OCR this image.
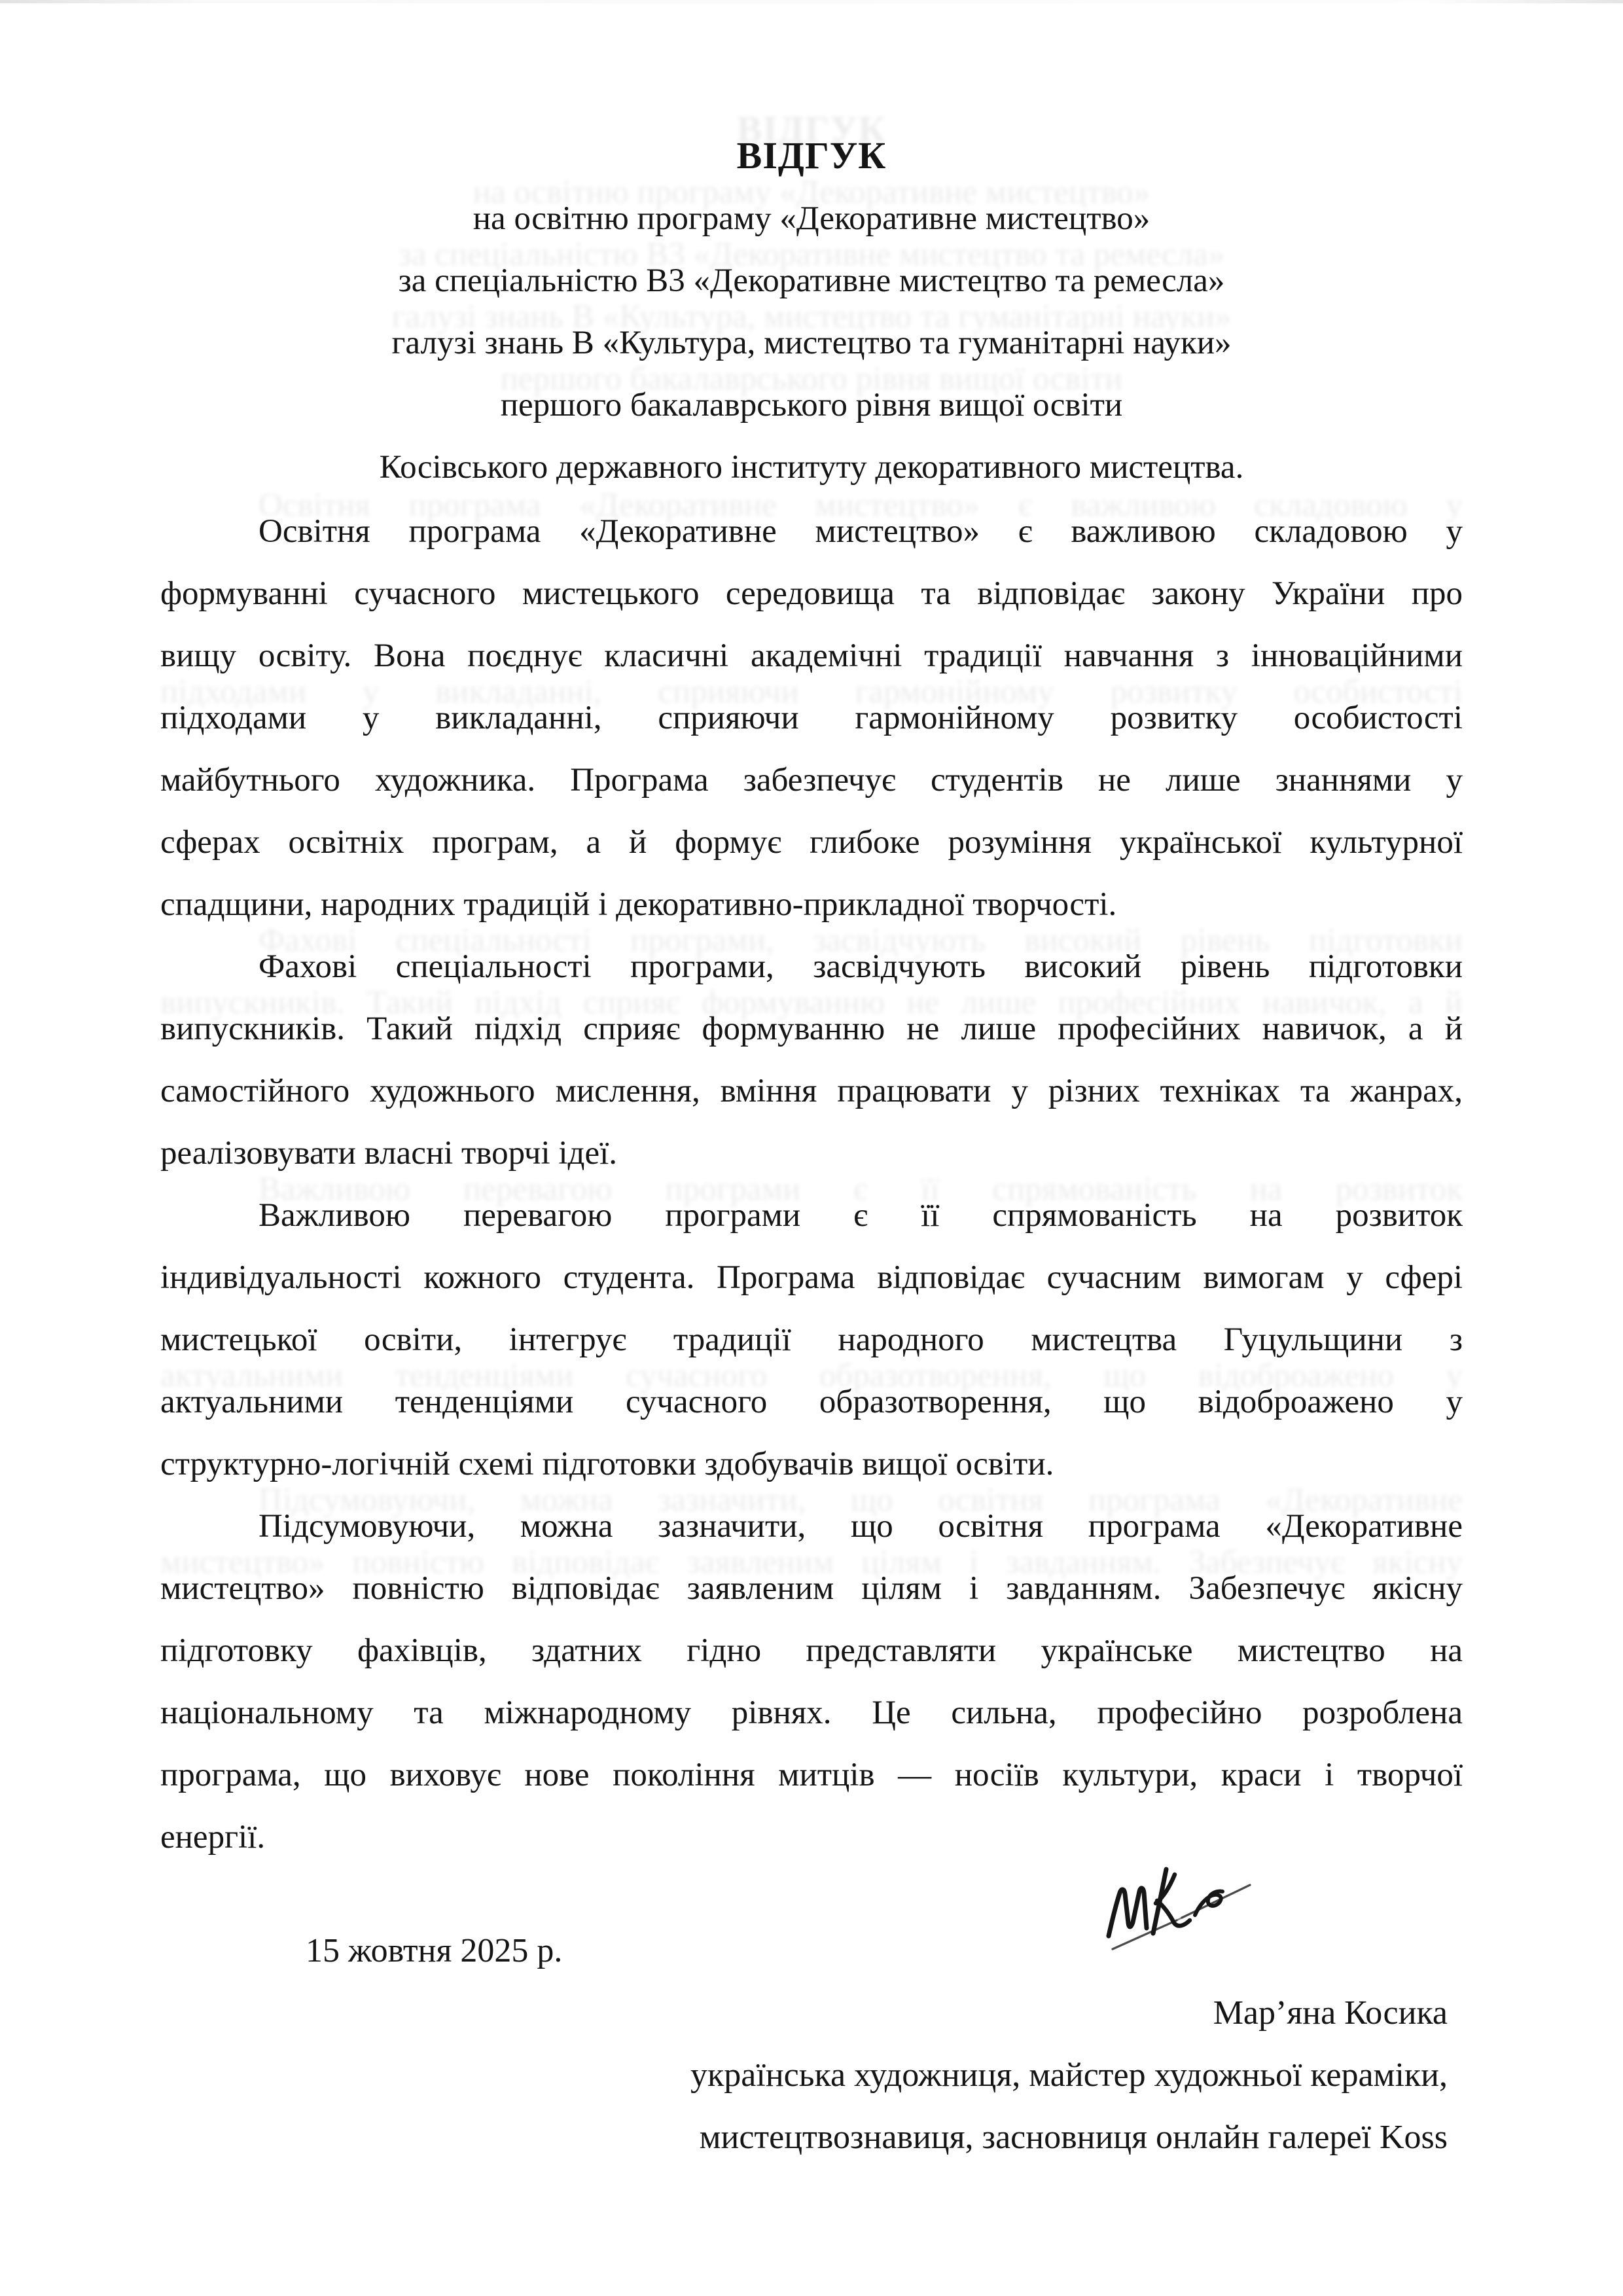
ВІДГУК
на освітню програму «Декоративне мистецтво»
за спеціальністю В3 «Декоративне мистецтво та ремесла»
галузі знань В «Культура, мистецтво та гуманітарні науки»
першого бакалаврського рівня вищої освіти
Косівського державного інституту декоративного мистецтва.
Освітня програма «Декоративне мистецтво» є важливою складовою у
формуванні сучасного мистецького середовища та відповідає закону України про
вищу освіту. Вона поєднує класичні академічні традиції навчання з інноваційними
підходами у викладанні, сприяючи гармонійному розвитку особистості
майбутнього художника. Програма забезпечує студентів не лише знаннями у
сферах освітніх програм, а й формує глибоке розуміння української культурної
спадщини, народних традицій і декоративно-прикладної творчості.
Фахові спеціальності програми, засвідчують високий рівень підготовки
випускників. Такий підхід сприяє формуванню не лише професійних навичок, а й
самостійного художнього мислення, вміння працювати у різних техніках та жанрах,
реалізовувати власні творчі ідеї.
Важливою перевагою програми є її спрямованість на розвиток
індивідуальності кожного студента. Програма відповідає сучасним вимогам у сфері
мистецької освіти, інтегрує традиції народного мистецтва Гуцульщини з
актуальними тенденціями сучасного образотворення, що відоброажено у
структурно-логічній схемі підготовки здобувачів вищої освіти.
Підсумовуючи, можна зазначити, що освітня програма «Декоративне
мистецтво» повністю відповідає заявленим цілям і завданням. Забезпечує якісну
підготовку фахівців, здатних гідно представляти українське мистецтво на
національному та міжнародному рівнях. Це сильна, професійно розроблена
програма, що виховує нове покоління митців — носіїв культури, краси і творчої
енергії.
15 жовтня 2025 р.
Мар’яна Косика
українська художниця, майстер художньої кераміки,
мистецтвознавиця, засновниця онлайн галереї Koss
